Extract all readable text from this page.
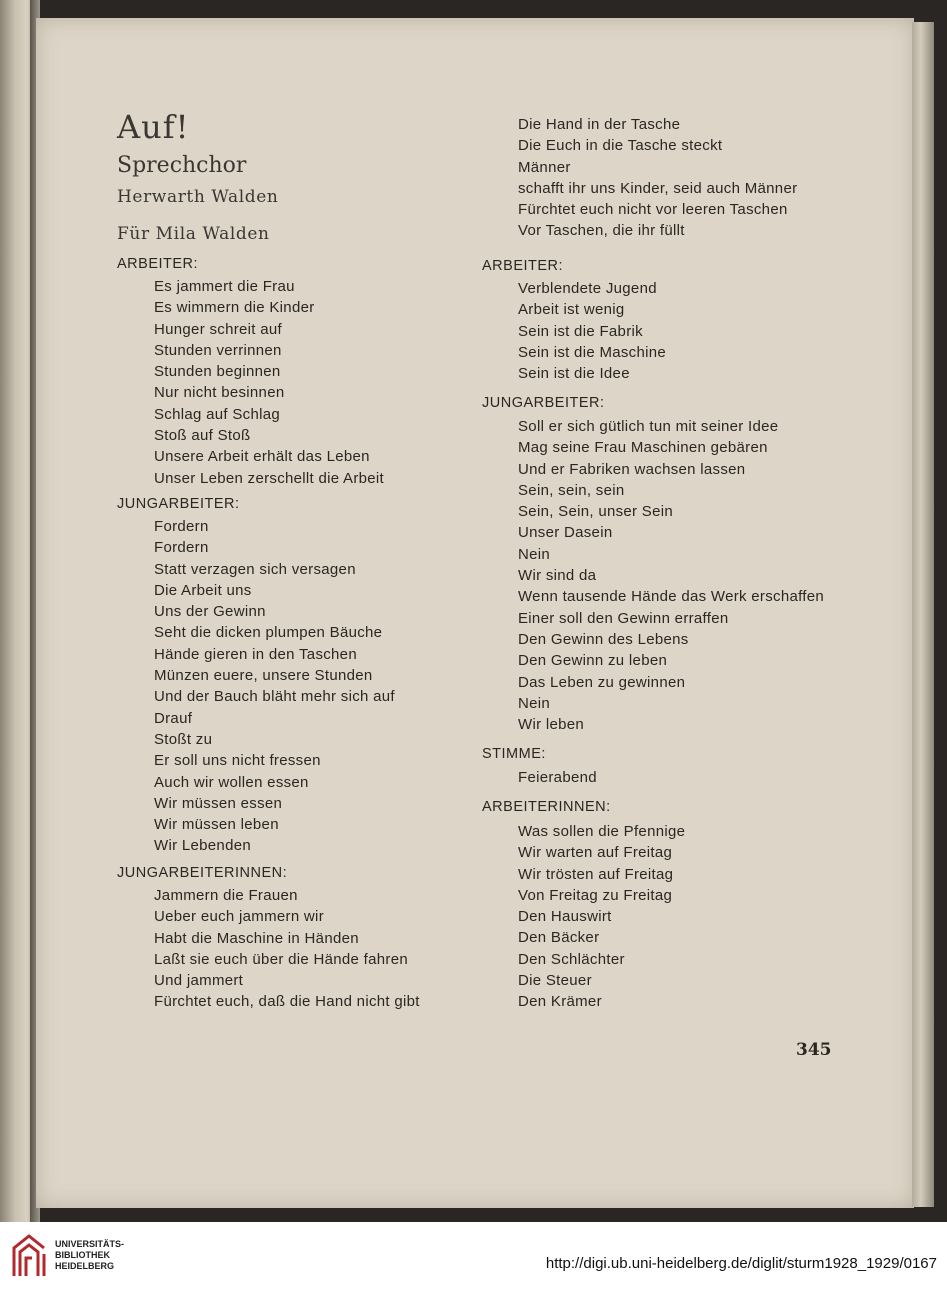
Auf!
Sprechchor
Herwarth Walden
Für Mila Walden
ARBEITER:
Es jammert die Frau
Es wimmern die Kinder
Hunger schreit auf
Stunden verrinnen
Stunden beginnen
Nur nicht besinnen
Schlag auf Schlag
Stoß auf Stoß
Unsere Arbeit erhält das Leben
Unser Leben zerschellt die Arbeit
JUNGARBEITER:
Fordern
Fordern
Statt verzagen sich versagen
Die Arbeit uns
Uns der Gewinn
Seht die dicken plumpen Bäuche
Hände gieren in den Taschen
Münzen euere, unsere Stunden
Und der Bauch bläht mehr sich auf
Drauf
Stoßt zu
Er soll uns nicht fressen
Auch wir wollen essen
Wir müssen essen
Wir müssen leben
Wir Lebenden
JUNGARBEITERINNEN:
Jammern die Frauen
Ueber euch jammern wir
Habt die Maschine in Händen
Laßt sie euch über die Hände fahren
Und jammert
Fürchtet euch, daß die Hand nicht gibt
Die Hand in der Tasche
Die Euch in die Tasche steckt
Männer
schafft ihr uns Kinder, seid auch Männer
Fürchtet euch nicht vor leeren Taschen
Vor Taschen, die ihr füllt
ARBEITER:
Verblendete Jugend
Arbeit ist wenig
Sein ist die Fabrik
Sein ist die Maschine
Sein ist die Idee
JUNGARBEITER:
Soll er sich gütlich tun mit seiner Idee
Mag seine Frau Maschinen gebären
Und er Fabriken wachsen lassen
Sein, sein, sein
Sein, Sein, unser Sein
Unser Dasein
Nein
Wir sind da
Wenn tausende Hände das Werk erschaffen
Einer soll den Gewinn erraffen
Den Gewinn des Lebens
Den Gewinn zu leben
Das Leben zu gewinnen
Nein
Wir leben
STIMME:
Feierabend
ARBEITERINNEN:
Was sollen die Pfennige
Wir warten auf Freitag
Wir trösten auf Freitag
Von Freitag zu Freitag
Den Hauswirt
Den Bäcker
Den Schlächter
Die Steuer
Den Krämer
345
UNIVERSITÄTS-
BIBLIOTHEK
HEIDELBERG	http://digi.ub.uni-heidelberg.de/diglit/sturm1928_1929/0167
